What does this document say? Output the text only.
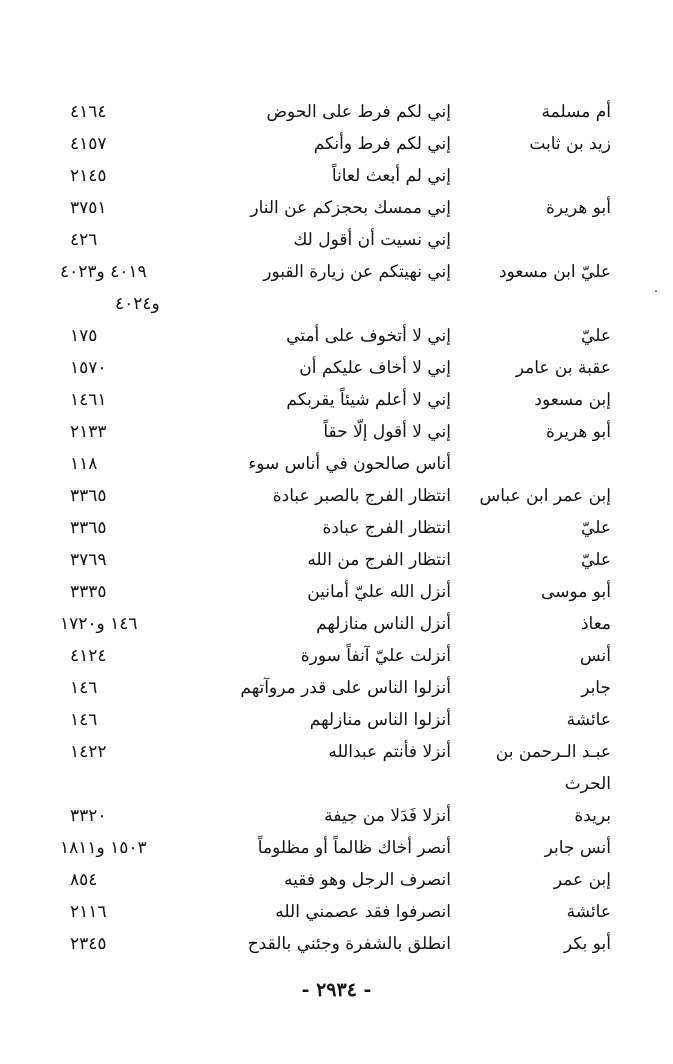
أم مسلمة
إني لكم فرط على الحوض
٤١٦٤
زيد بن ثابت
إني لكم فرط وأنكم
٤١٥٧
إني لم أبعث لعاناً
٢١٤٥
أبو هريرة
إني ممسك بحجزكم عن النار
٣٧٥١
إني نسيت أن أقول لك
٤٢٦
عليّ ابن مسعود
إني نهيتكم عن زيارة القبور
٤٠١٩ و٤٠٢٣
و٤٠٢٤
عليّ
إني لا أتخوف على أمتي
١٧٥
عقبة بن عامر
إني لا أخاف عليكم أن
١٥٧٠
إبن مسعود
إني لا أعلم شيئاً يقربكم
١٤٦١
أبو هريرة
إني لا أقول إلّا حقاً
٢١٣٣
أناس صالحون في أناس سوء
١١٨
إبن عمر ابن عباس
انتظار الفرج بالصبر عبادة
٣٣٦٥
عليّ
انتظار الفرج عبادة
٣٣٦٥
عليّ
انتظار الفرج من الله
٣٧٦٩
أبو موسى
أنزل الله عليّ أمانين
٣٣٣٥
معاذ
أنزل الناس منازلهم
١٤٦ و١٧٢٠
أنس
أنزلت عليّ آنفاً سورة
٤١٢٤
جابر
أنزلوا الناس على قدر مروآتهم
١٤٦
عائشة
أنزلوا الناس منازلهم
١٤٦
عبـد الـرحمن بن
أنزلا فأنتم عبدالله
١٤٢٢
الحرث
بريدة
أنزلا فَدَلا من جيفة
٣٣٢٠
أنس جابر
أنصر أخاك ظالماً أو مظلوماً
١٥٠٣ و١٨١١
إبن عمر
انصرف الرجل وهو فقيه
٨٥٤
عائشة
انصرفوا فقد عصمني الله
٢١١٦
أبو بكر
انطلق بالشفرة وجئني بالقدح
٢٣٤٥
- ٢٩٣٤ -
